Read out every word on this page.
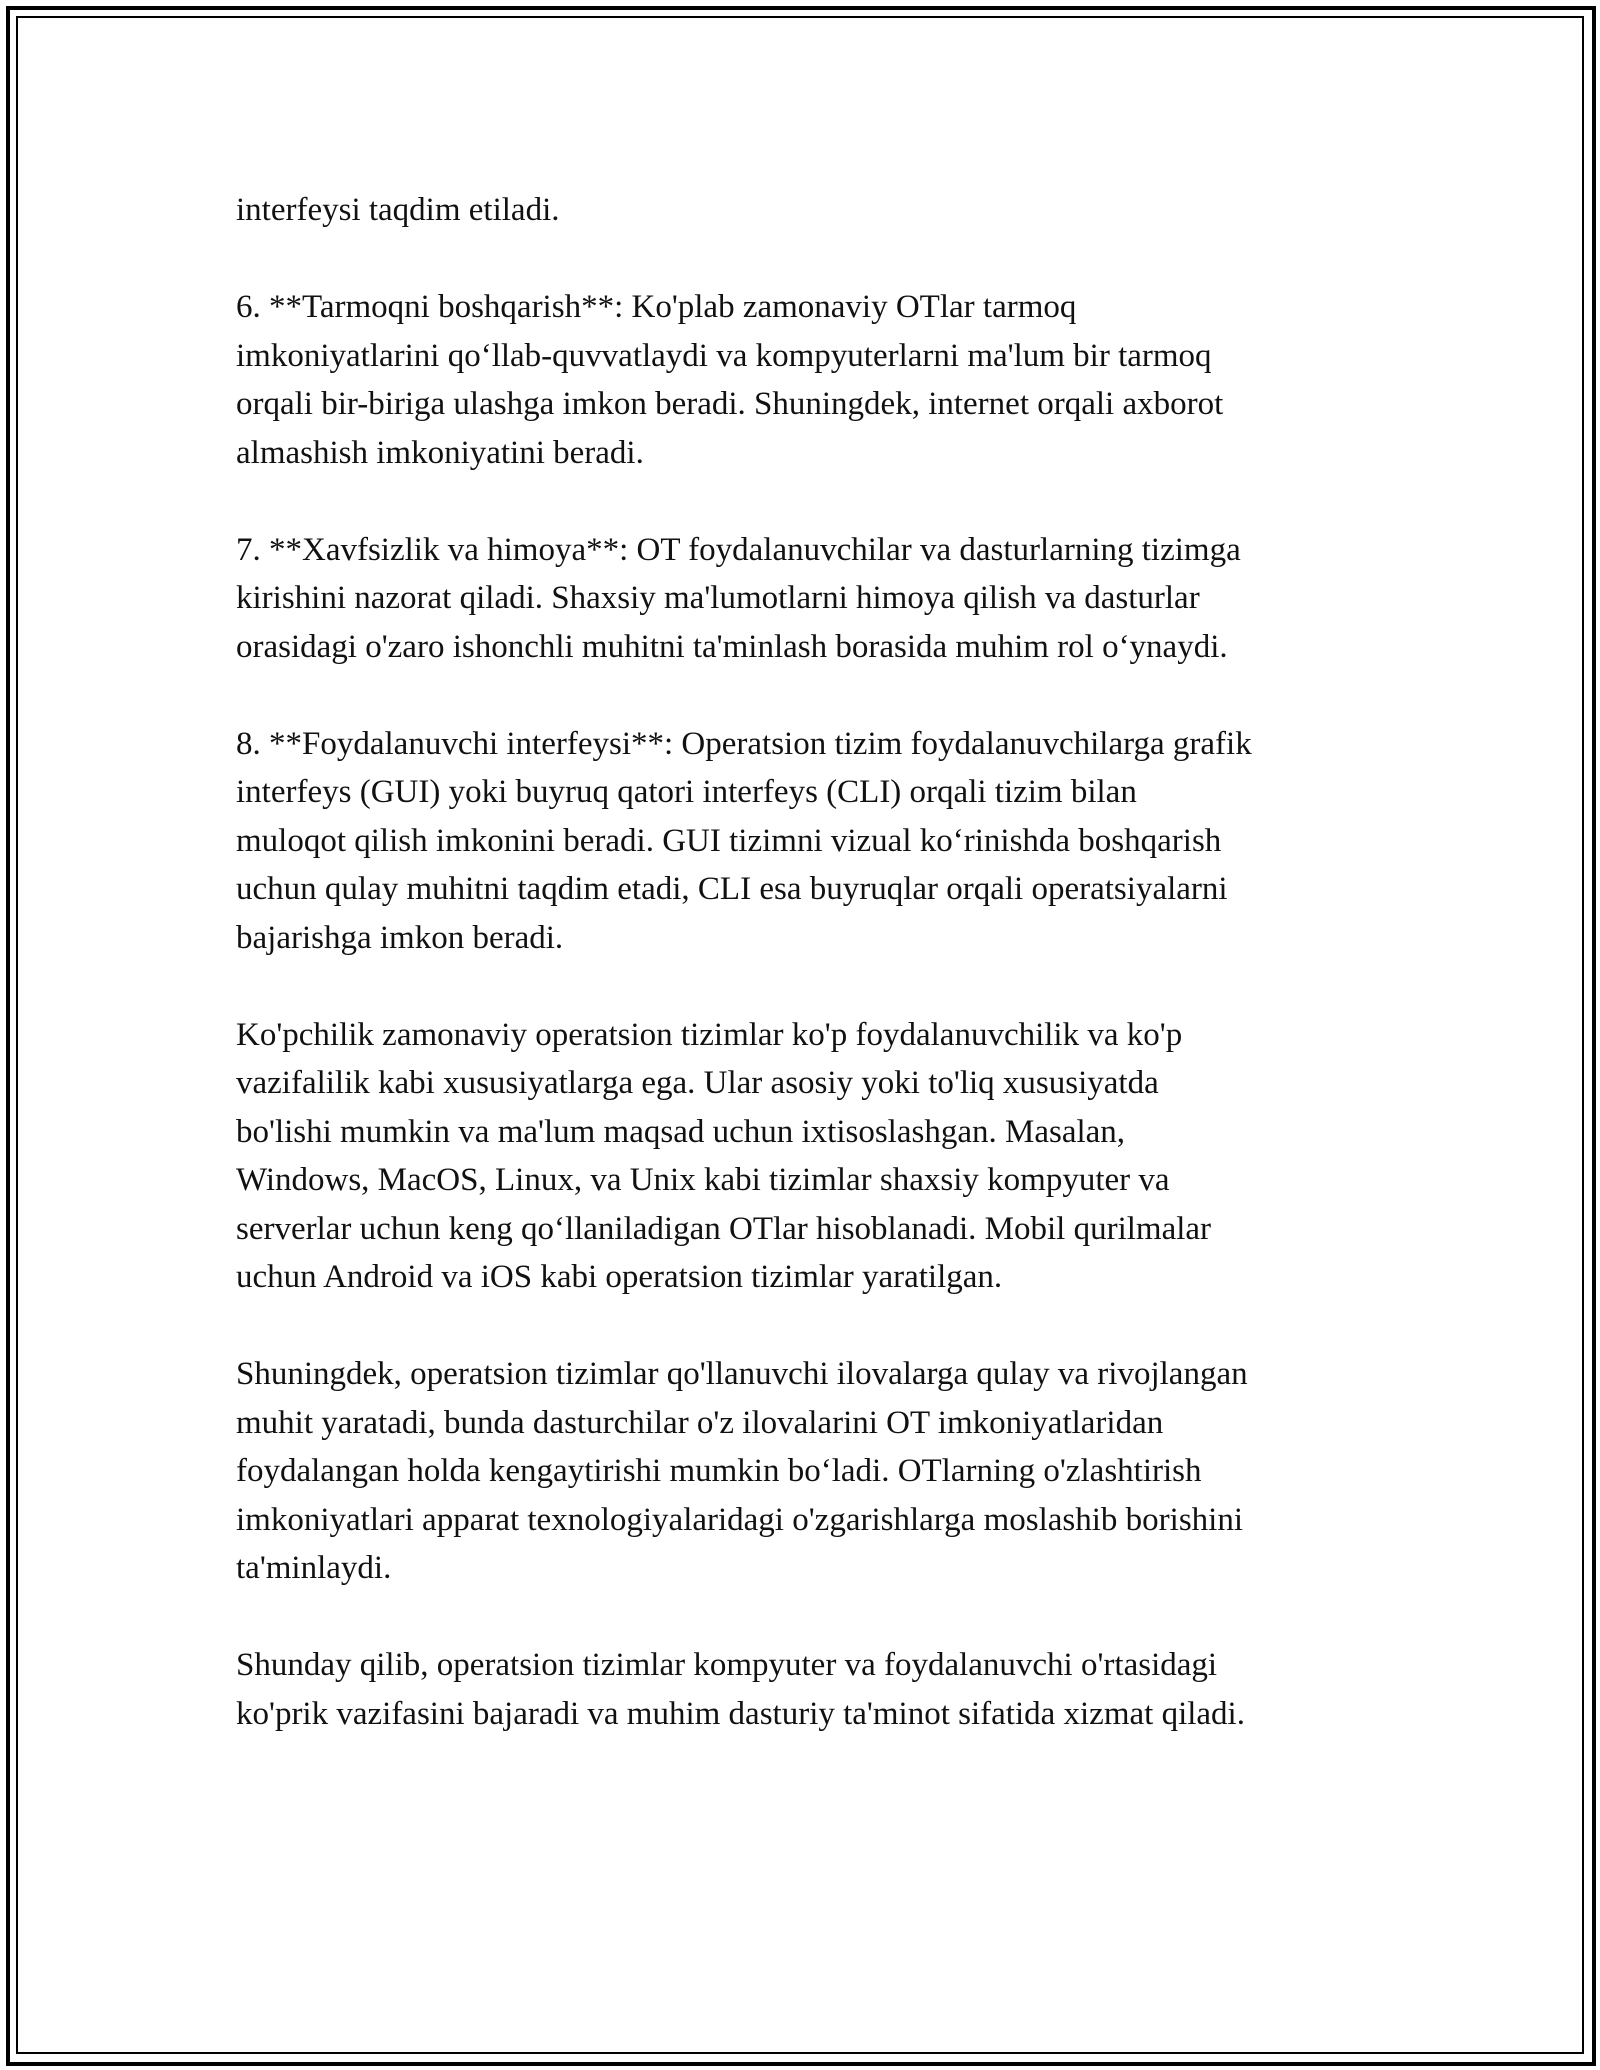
interfeysi taqdim etiladi.

6. **Tarmoqni boshqarish**: Ko'plab zamonaviy OTlar tarmoq
imkoniyatlarini qo‘llab-quvvatlaydi va kompyuterlarni ma'lum bir tarmoq
orqali bir-biriga ulashga imkon beradi. Shuningdek, internet orqali axborot
almashish imkoniyatini beradi.

7. **Xavfsizlik va himoya**: OT foydalanuvchilar va dasturlarning tizimga
kirishini nazorat qiladi. Shaxsiy ma'lumotlarni himoya qilish va dasturlar
orasidagi o'zaro ishonchli muhitni ta'minlash borasida muhim rol o‘ynaydi.

8. **Foydalanuvchi interfeysi**: Operatsion tizim foydalanuvchilarga grafik
interfeys (GUI) yoki buyruq qatori interfeys (CLI) orqali tizim bilan
muloqot qilish imkonini beradi. GUI tizimni vizual ko‘rinishda boshqarish
uchun qulay muhitni taqdim etadi, CLI esa buyruqlar orqali operatsiyalarni
bajarishga imkon beradi.

Ko'pchilik zamonaviy operatsion tizimlar ko'p foydalanuvchilik va ko'p
vazifalilik kabi xususiyatlarga ega. Ular asosiy yoki to'liq xususiyatda
bo'lishi mumkin va ma'lum maqsad uchun ixtisoslashgan. Masalan,
Windows, MacOS, Linux, va Unix kabi tizimlar shaxsiy kompyuter va
serverlar uchun keng qo‘llaniladigan OTlar hisoblanadi. Mobil qurilmalar
uchun Android va iOS kabi operatsion tizimlar yaratilgan.

Shuningdek, operatsion tizimlar qo'llanuvchi ilovalarga qulay va rivojlangan
muhit yaratadi, bunda dasturchilar o'z ilovalarini OT imkoniyatlaridan
foydalangan holda kengaytirishi mumkin bo‘ladi. OTlarning o'zlashtirish
imkoniyatlari apparat texnologiyalaridagi o'zgarishlarga moslashib borishini
ta'minlaydi.

Shunday qilib, operatsion tizimlar kompyuter va foydalanuvchi o'rtasidagi
ko'prik vazifasini bajaradi va muhim dasturiy ta'minot sifatida xizmat qiladi.
